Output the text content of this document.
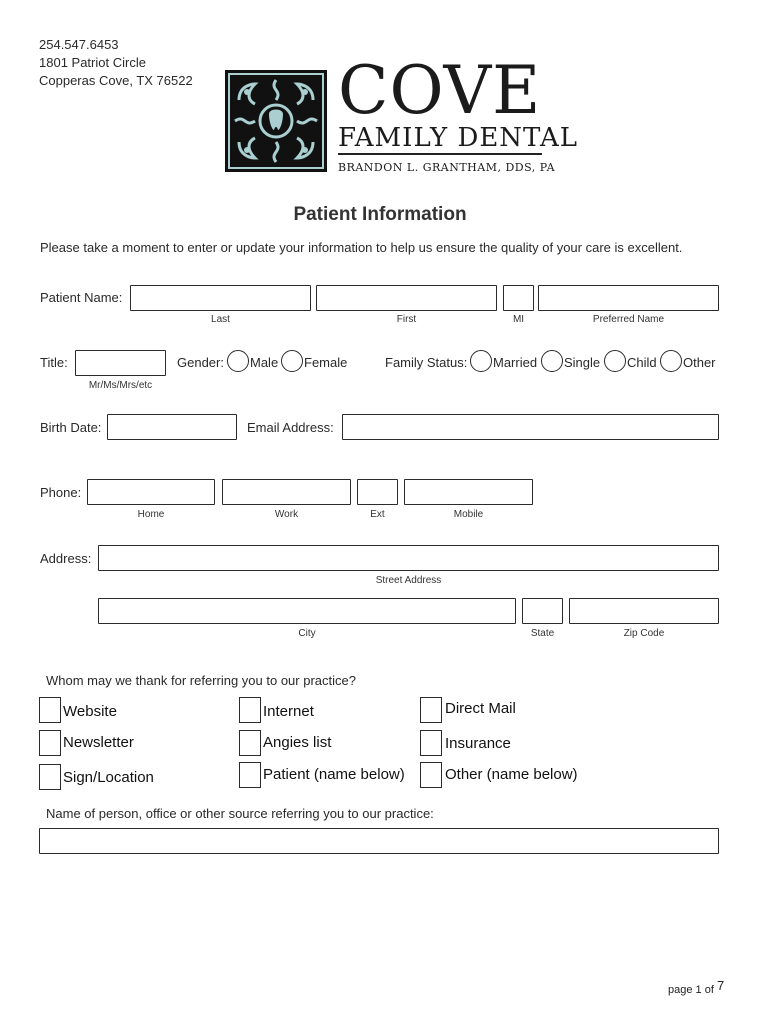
254.547.6453
1801 Patriot Circle
Copperas Cove, TX 76522 COVE
FAMILY DENTAL
BRANDON L. GRANTHAM, DDS, PA
Patient Information
Please take a moment to enter or update your information to help us ensure the quality of your care is excellent.
Patient Name:
Last	First	MI	Preferred Name
Title:
Mr/Ms/Mrs/etc
Gender: Male Female	Family Status: Married Single Child Other
Birth Date:	Email Address:
Phone:
Home	Work	Ext	Mobile
Address:
Street Address
City	State	Zip Code
Whom may we thank for referring you to our practice?
Website	Internet	Direct Mail
Newsletter	Angies list	Insurance
Sign/Location	Patient (name below)	Other (name below)
Name of person, office or other source referring you to our practice:
page 1 of 7
